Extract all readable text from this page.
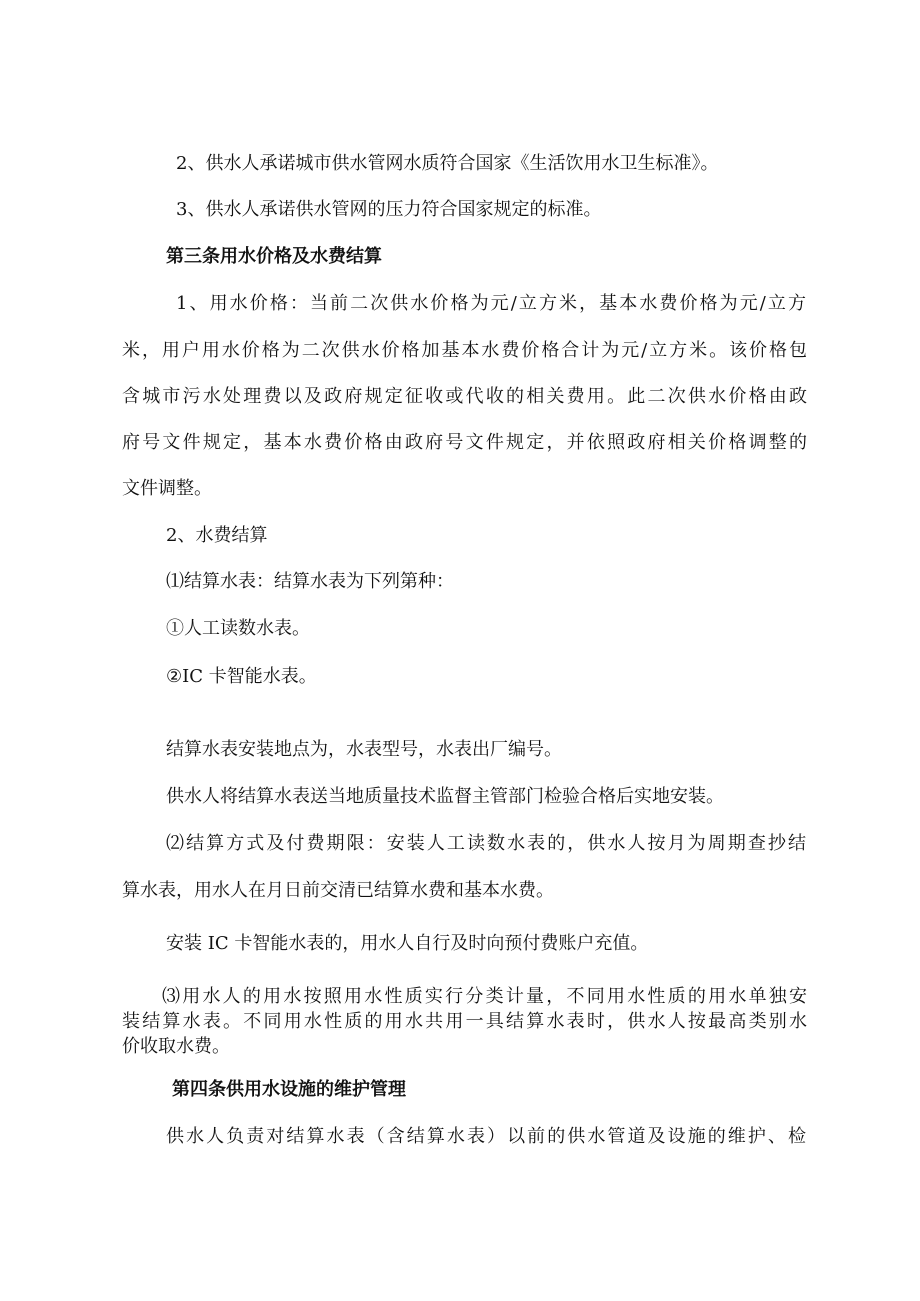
2、供水人承诺城市供水管网水质符合国家《生活饮用水卫生标准》。

3、供水人承诺供水管网的压力符合国家规定的标准。

第三条用水价格及水费结算

1、用水价格：当前二次供水价格为元/立方米，基本水费价格为元/立方

米，用户用水价格为二次供水价格加基本水费价格合计为元/立方米。该价格包

含城市污水处理费以及政府规定征收或代收的相关费用。此二次供水价格由政

府号文件规定，基本水费价格由政府号文件规定，并依照政府相关价格调整的

文件调整。

2、水费结算

⑴结算水表：结算水表为下列第种：

①人工读数水表。

②IC 卡智能水表。

结算水表安装地点为，水表型号，水表出厂编号。

供水人将结算水表送当地质量技术监督主管部门检验合格后实地安装。

⑵结算方式及付费期限：安装人工读数水表的，供水人按月为周期查抄结

算水表，用水人在月日前交清已结算水费和基本水费。

安装 IC 卡智能水表的，用水人自行及时向预付费账户充值。

⑶用水人的用水按照用水性质实行分类计量，不同用水性质的用水单独安

装结算水表。不同用水性质的用水共用一具结算水表时，供水人按最高类别水

价收取水费。

第四条供用水设施的维护管理

供水人负责对结算水表（含结算水表）以前的供水管道及设施的维护、检
